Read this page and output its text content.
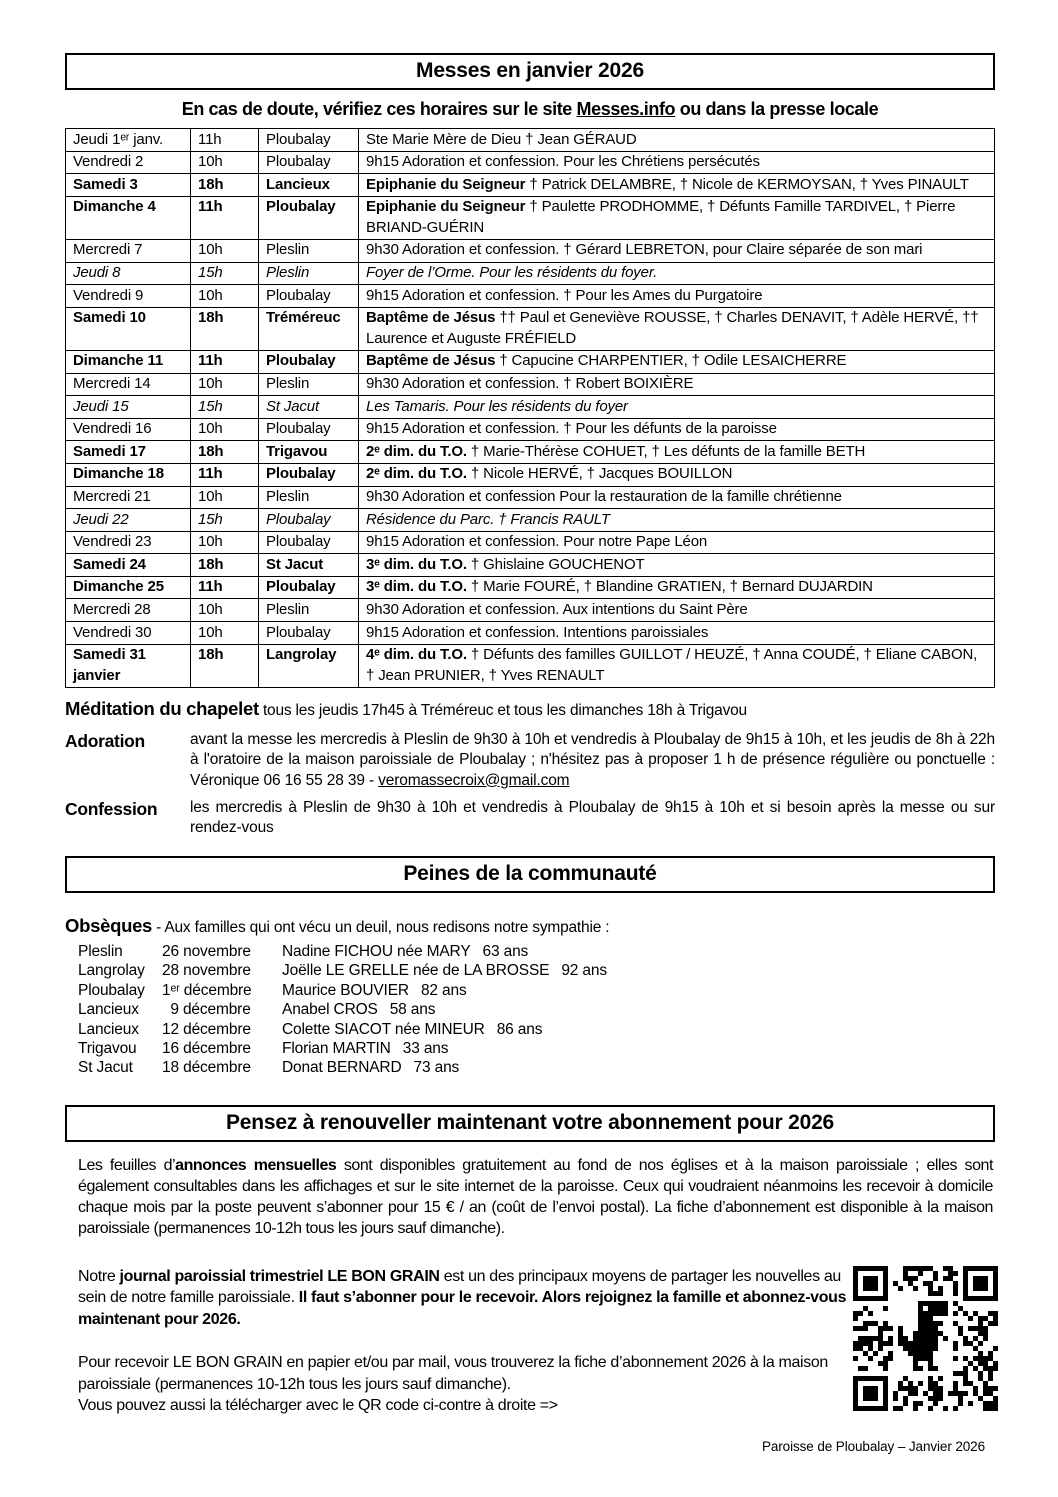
Messes en janvier 2026
En cas de doute, vérifiez ces horaires sur le site Messes.info ou dans la presse locale
Jeudi 1ᵉʳ janv.	11h	Ploubalay	Ste Marie Mère de Dieu † Jean GÉRAUD
Vendredi 2	10h	Ploubalay	9h15 Adoration et confession. Pour les Chrétiens persécutés
Samedi 3	18h	Lancieux	Epiphanie du Seigneur † Patrick DELAMBRE, † Nicole de KERMOYSAN, † Yves PINAULT
Dimanche 4	11h	Ploubalay	Epiphanie du Seigneur † Paulette PRODHOMME, † Défunts Famille TARDIVEL, † Pierre BRIAND-GUÉRIN
Mercredi 7	10h	Pleslin	9h30 Adoration et confession. † Gérard LEBRETON, pour Claire séparée de son mari
Jeudi 8	15h	Pleslin	Foyer de l’Orme. Pour les résidents du foyer.
Vendredi 9	10h	Ploubalay	9h15 Adoration et confession. † Pour les Ames du Purgatoire
Samedi 10	18h	Tréméreuc	Baptême de Jésus †† Paul et Geneviève ROUSSE, † Charles DENAVIT, † Adèle HERVÉ, †† Laurence et Auguste FRÉFIELD
Dimanche 11	11h	Ploubalay	Baptême de Jésus † Capucine CHARPENTIER, † Odile LESAICHERRE
Mercredi 14	10h	Pleslin	9h30 Adoration et confession. † Robert BOIXIÈRE
Jeudi 15	15h	St Jacut	Les Tamaris. Pour les résidents du foyer
Vendredi 16	10h	Ploubalay	9h15 Adoration et confession. † Pour les défunts de la paroisse
Samedi 17	18h	Trigavou	2ᵉ dim. du T.O. † Marie-Thérèse COHUET, † Les défunts de la famille BETH
Dimanche 18	11h	Ploubalay	2ᵉ dim. du T.O. † Nicole HERVÉ, † Jacques BOUILLON
Mercredi 21	10h	Pleslin	9h30 Adoration et confession Pour la restauration de la famille chrétienne
Jeudi 22	15h	Ploubalay	Résidence du Parc. † Francis RAULT
Vendredi 23	10h	Ploubalay	9h15 Adoration et confession. Pour notre Pape Léon
Samedi 24	18h	St Jacut	3ᵉ dim. du T.O. † Ghislaine GOUCHENOT
Dimanche 25	11h	Ploubalay	3ᵉ dim. du T.O. † Marie FOURÉ, † Blandine GRATIEN, † Bernard DUJARDIN
Mercredi 28	10h	Pleslin	9h30 Adoration et confession. Aux intentions du Saint Père
Vendredi 30	10h	Ploubalay	9h15 Adoration et confession. Intentions paroissiales
Samedi 31 janvier	18h	Langrolay	4ᵉ dim. du T.O. † Défunts des familles GUILLOT / HEUZÉ, † Anna COUDÉ, † Eliane CABON, † Jean PRUNIER, † Yves RENAULT
Méditation du chapelet tous les jeudis 17h45 à Tréméreuc et tous les dimanches 18h à Trigavou
Adoration	avant la messe les mercredis à Pleslin de 9h30 à 10h et vendredis à Ploubalay de 9h15 à 10h, et les jeudis de 8h à 22h à l'oratoire de la maison paroissiale de Ploubalay ; n'hésitez pas à proposer 1 h de présence régulière ou ponctuelle : Véronique 06 16 55 28 39 - veromassecroix@gmail.com
Confession	les mercredis à Pleslin de 9h30 à 10h et vendredis à Ploubalay de 9h15 à 10h et si besoin après la messe ou sur rendez-vous
Peines de la communauté
Obsèques - Aux familles qui ont vécu un deuil, nous redisons notre sympathie :
Pleslin	26 novembre	Nadine FICHOU née MARY 63 ans
Langrolay	28 novembre	Joëlle LE GRELLE née de LA BROSSE 92 ans
Ploubalay	1ᵉʳ décembre	Maurice BOUVIER 82 ans
Lancieux	9 décembre	Anabel CROS 58 ans
Lancieux	12 décembre	Colette SIACOT née MINEUR 86 ans
Trigavou	16 décembre	Florian MARTIN 33 ans
St Jacut	18 décembre	Donat BERNARD 73 ans
Pensez à renouveller maintenant votre abonnement pour 2026
Les feuilles d’annonces mensuelles sont disponibles gratuitement au fond de nos églises et à la maison paroissiale ; elles sont également consultables dans les affichages et sur le site internet de la paroisse. Ceux qui voudraient néanmoins les recevoir à domicile chaque mois par la poste peuvent s’abonner pour 15 € / an (coût de l’envoi postal). La fiche d’abonnement est disponible à la maison paroissiale (permanences 10-12h tous les jours sauf dimanche).
Notre journal paroissial trimestriel LE BON GRAIN est un des principaux moyens de partager les nouvelles au sein de notre famille paroissiale. Il faut s’abonner pour le recevoir. Alors rejoignez la famille et abonnez-vous maintenant pour 2026.
Pour recevoir LE BON GRAIN en papier et/ou par mail, vous trouverez la fiche d’abonnement 2026 à la maison paroissiale (permanences 10-12h tous les jours sauf dimanche).
Vous pouvez aussi la télécharger avec le QR code ci-contre à droite =>
Paroisse de Ploubalay – Janvier 2026
